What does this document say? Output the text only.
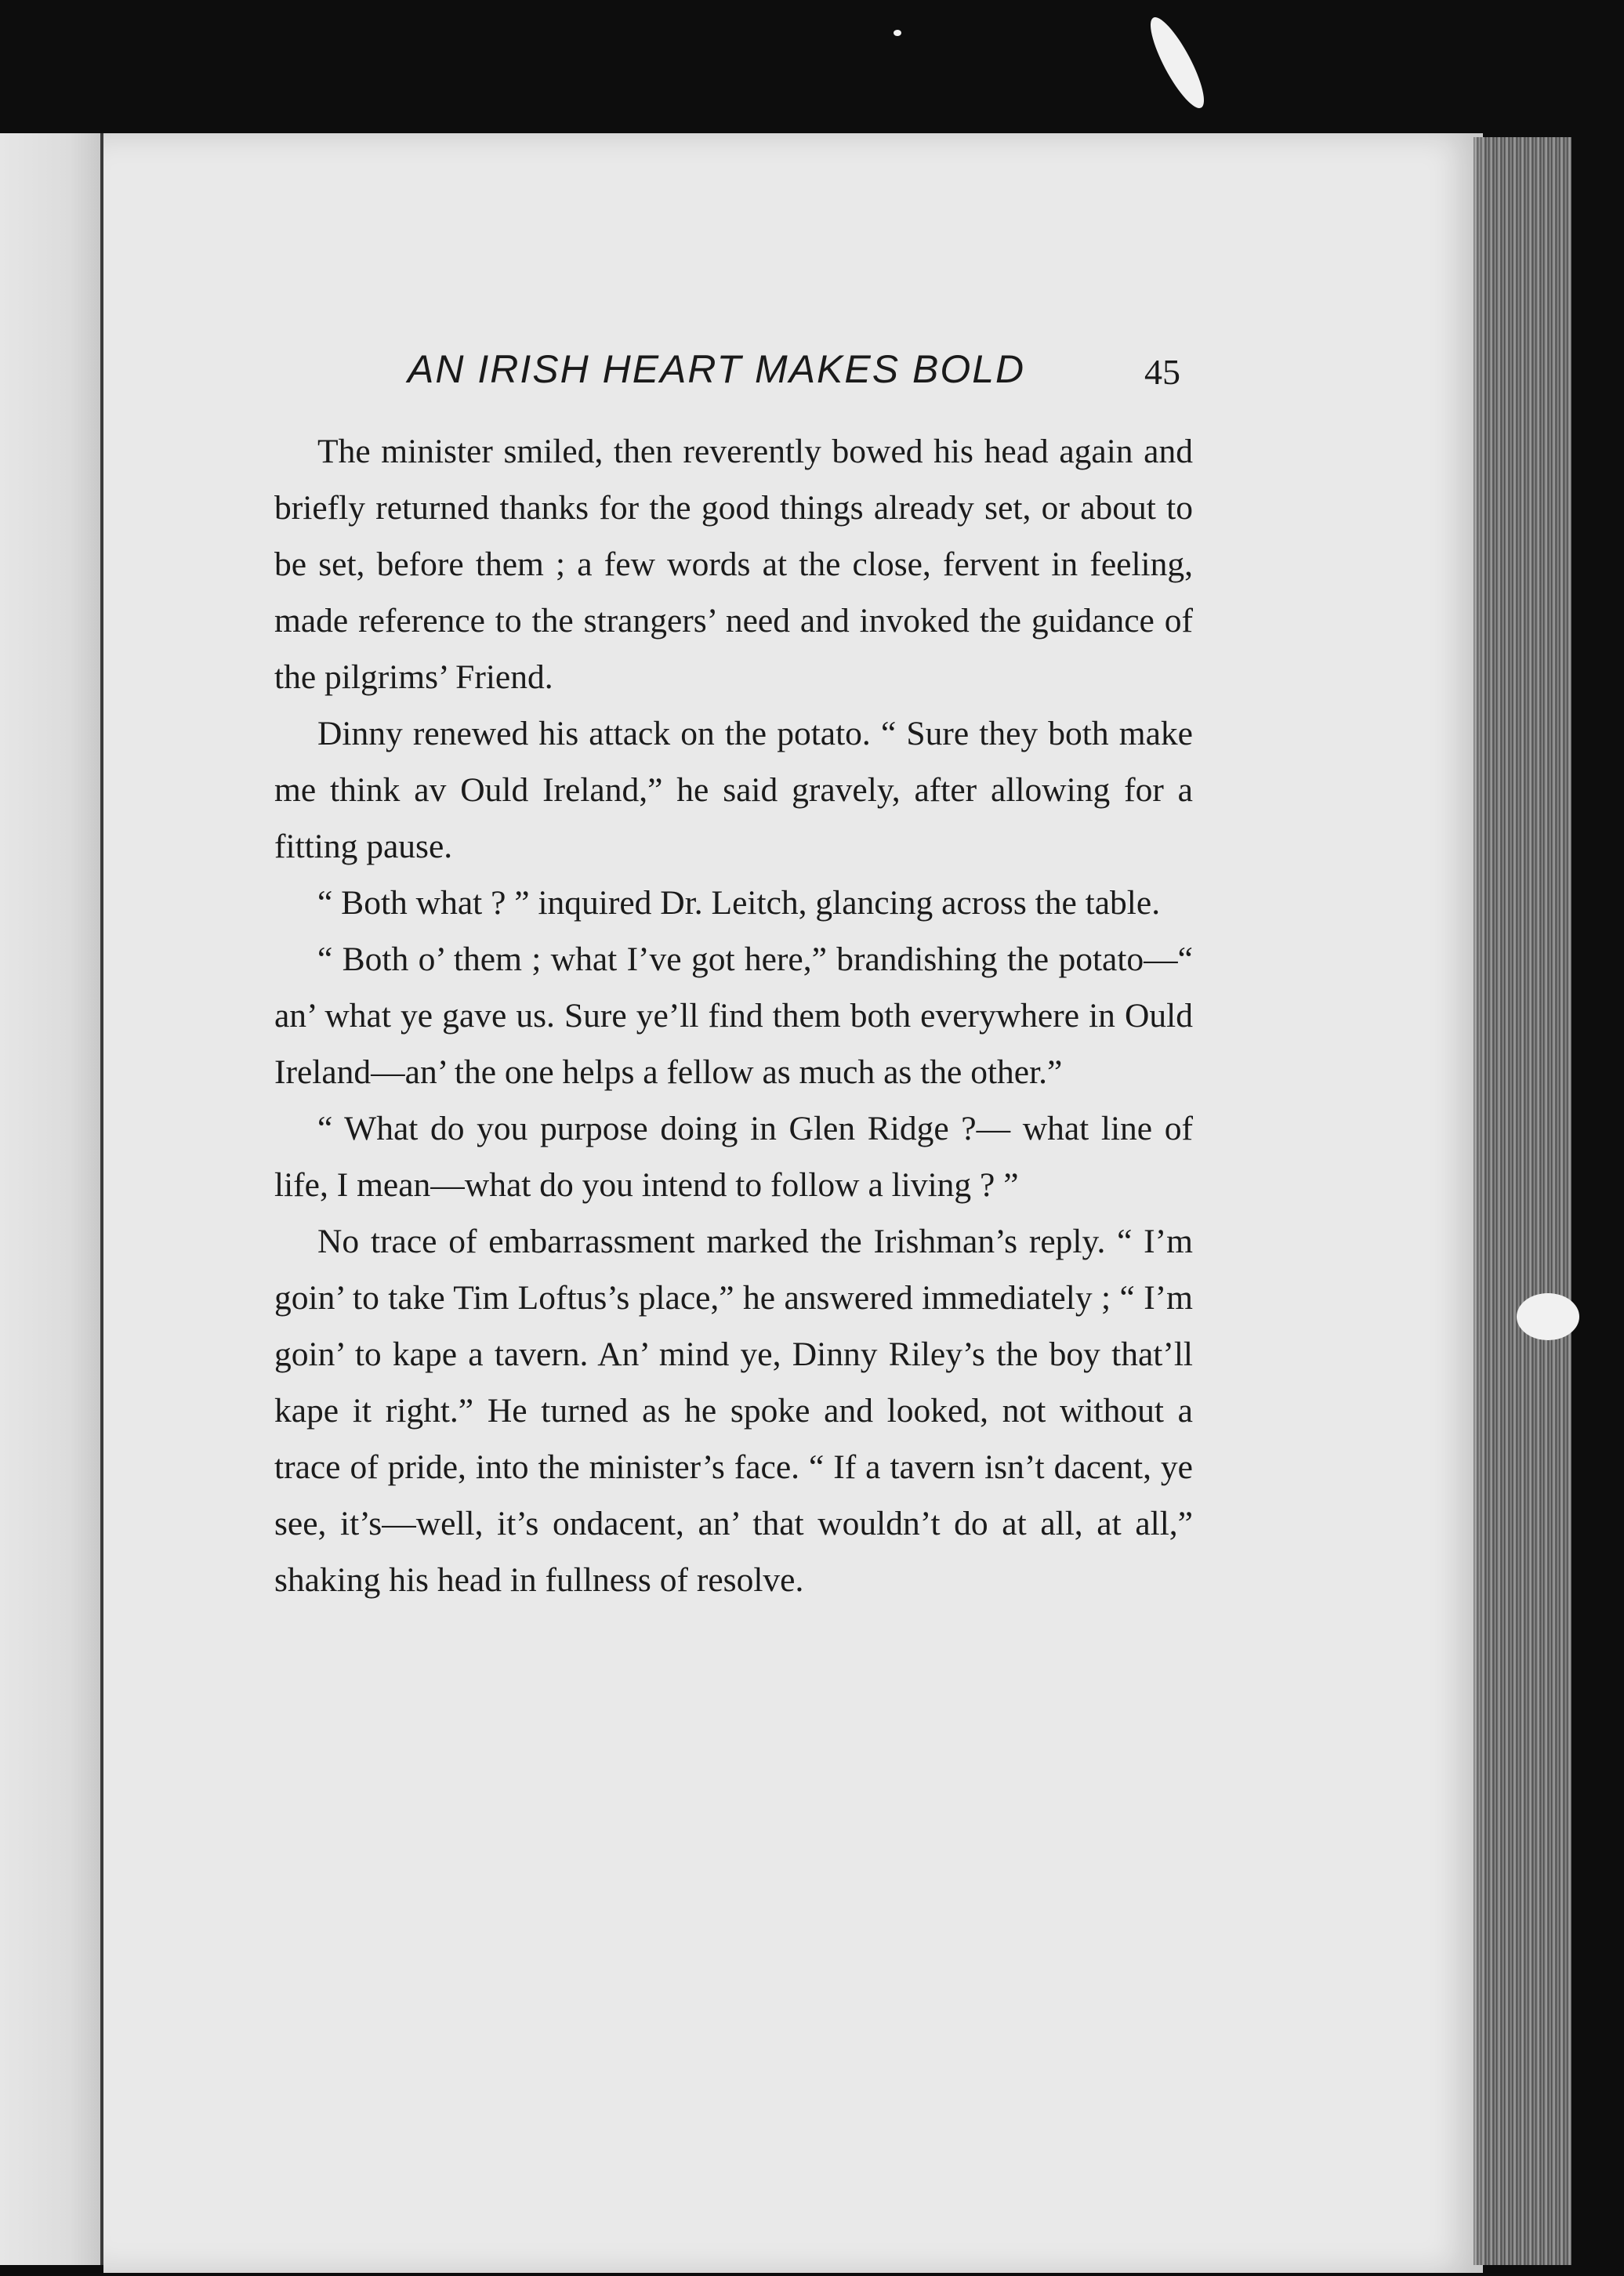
AN IRISH HEART MAKES BOLD	45

The minister smiled, then reverently bowed his head again and briefly returned thanks for the good things already set, or about to be set, before them ; a few words at the close, fervent in feeling, made reference to the strangers’ need and invoked the guidance of the pilgrims’ Friend.

Dinny renewed his attack on the potato. “ Sure they both make me think av Ould Ireland,” he said gravely, after allowing for a fitting pause.

“ Both what ? ” inquired Dr. Leitch, glancing across the table.

“ Both o’ them ; what I’ve got here,” brandishing the potato—“ an’ what ye gave us. Sure ye’ll find them both everywhere in Ould Ireland—an’ the one helps a fellow as much as the other.”

“ What do you purpose doing in Glen Ridge ?— what line of life, I mean—what do you intend to follow a living ? ”

No trace of embarrassment marked the Irishman’s reply. “ I’m goin’ to take Tim Loftus’s place,” he answered immediately ; “ I’m goin’ to kape a tavern. An’ mind ye, Dinny Riley’s the boy that’ll kape it right.” He turned as he spoke and looked, not without a trace of pride, into the minister’s face. “ If a tavern isn’t dacent, ye see, it’s—well, it’s ondacent, an’ that wouldn’t do at all, at all,” shaking his head in fullness of resolve.
